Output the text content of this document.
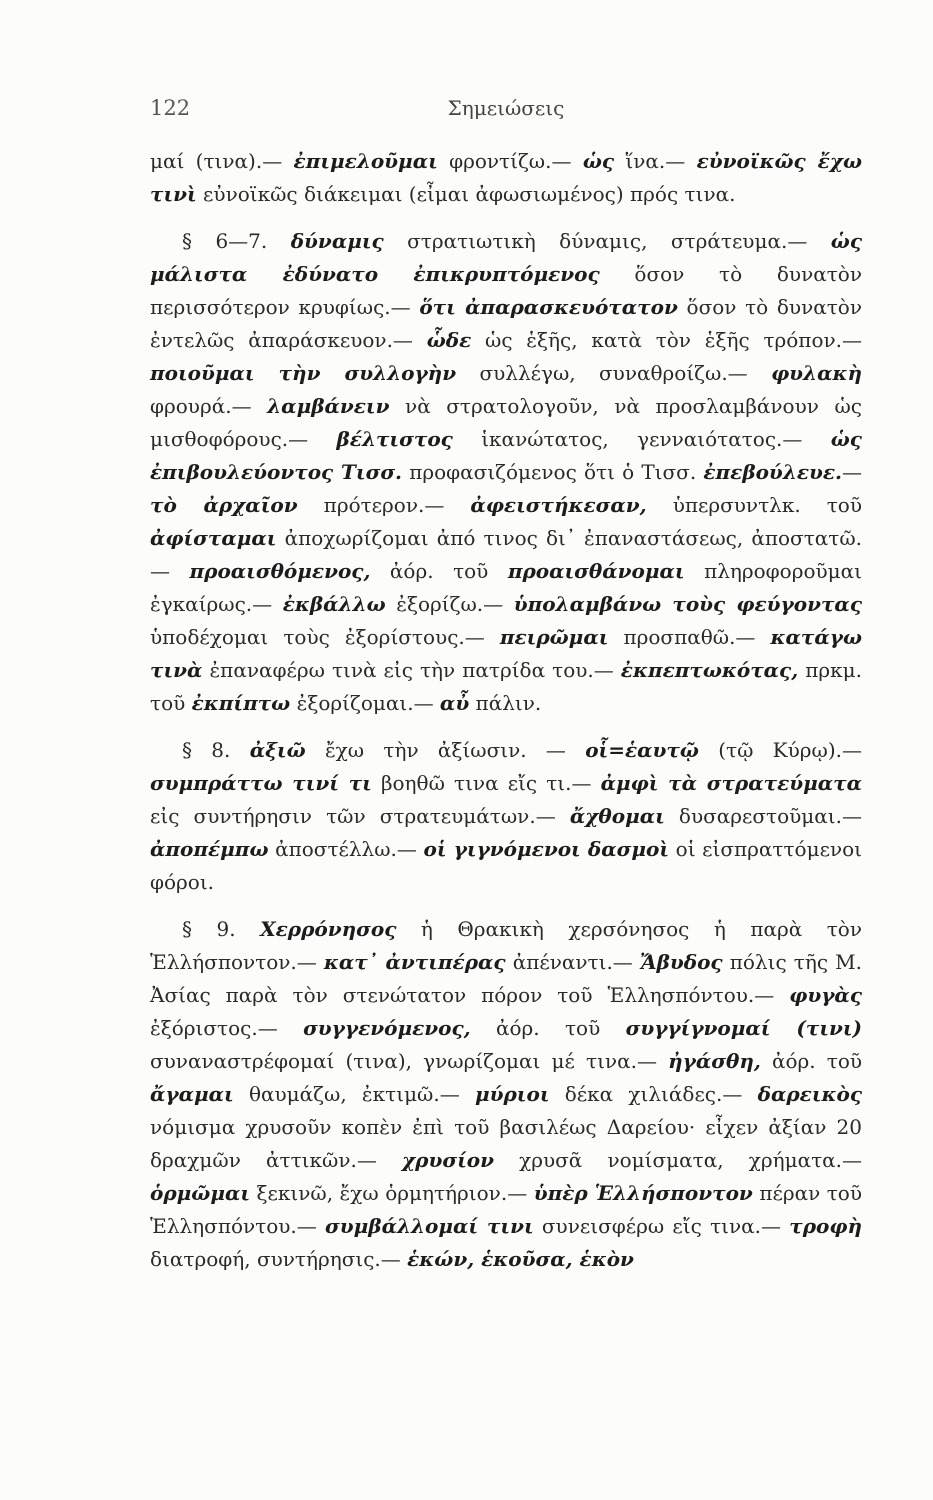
122	Σημειώσεις

μαί (τινα).— ἐπιμελοῦμαι φροντίζω.— ὡς ἵνα.— εὐνοϊκῶς ἔχω τινὶ εὐνοϊκῶς διάκειμαι (εἶμαι ἀφωσιωμένος) πρός τινα.

§ 6—7. δύναμις στρατιωτικὴ δύναμις, στράτευμα.— ὡς μάλιστα ἐδύνατο ἐπικρυπτόμενος ὅσον τὸ δυνατὸν περισσότερον κρυφίως.— ὅτι ἀπαρασκευότατον ὅσον τὸ δυνατὸν ἐντελῶς ἀπαράσκευον.— ὧδε ὡς ἑξῆς, κατὰ τὸν ἑξῆς τρόπον.— ποιοῦμαι τὴν συλλογὴν συλλέγω, συναθροίζω.— φυλακὴ φρουρά.— λαμβάνειν νὰ στρατολογοῦν, νὰ προσλαμβάνουν ὡς μισθοφόρους.— βέλτιστος ἱκανώτατος, γενναιότατος.— ὡς ἐπιβουλεύοντος Τισσ. προφασιζόμενος ὅτι ὁ Τισσ. ἐπεβούλευε.— τὸ ἀρχαῖον πρότερον.— ἀφειστήκεσαν, ὑπερσυντλκ. τοῦ ἀφίσταμαι ἀποχωρίζομαι ἀπό τινος δι᾽ ἐπαναστάσεως, ἀποστατῶ.— προαισθόμενος, ἀόρ. τοῦ προαισθάνομαι πληροφοροῦμαι ἐγκαίρως.— ἐκβάλλω ἐξορίζω.— ὑπολαμβάνω τοὺς φεύγοντας ὑποδέχομαι τοὺς ἐξορίστους.— πειρῶμαι προσπαθῶ.— κατάγω τινὰ ἐπαναφέρω τινὰ εἰς τὴν πατρίδα του.— ἐκπεπτωκότας, πρκμ. τοῦ ἐκπίπτω ἐξορίζομαι.— αὖ πάλιν.

§ 8. ἀξιῶ ἔχω τὴν ἀξίωσιν. — οἷ=ἑαυτῷ (τῷ Κύρῳ).— συμπράττω τινί τι βοηθῶ τινα εἴς τι.— ἀμφὶ τὰ στρατεύματα εἰς συντήρησιν τῶν στρατευμάτων.— ἄχθομαι δυσαρεστοῦμαι.— ἀποπέμπω ἀποστέλλω.— οἱ γιγνόμενοι δασμοὶ οἱ εἰσπραττόμενοι φόροι.

§ 9. Χερρόνησος ἡ Θρακικὴ χερσόνησος ἡ παρὰ τὸν Ἑλλήσποντον.— κατ᾽ ἀντιπέρας ἀπέναντι.— Ἄβυδος πόλις τῆς Μ. Ἀσίας παρὰ τὸν στενώτατον πόρον τοῦ Ἑλλησπόντου.— φυγὰς ἐξόριστος.— συγγενόμενος, ἀόρ. τοῦ συγγίγνομαί (τινι) συναναστρέφομαί (τινα), γνωρίζομαι μέ τινα.— ἠγάσθη, ἀόρ. τοῦ ἄγαμαι θαυμάζω, ἐκτιμῶ.— μύριοι δέκα χιλιάδες.— δαρεικὸς νόμισμα χρυσοῦν κοπὲν ἐπὶ τοῦ βασιλέως Δαρείου· εἶχεν ἀξίαν 20 δραχμῶν ἀττικῶν.— χρυσίον χρυσᾶ νομίσματα, χρήματα.— ὁρμῶμαι ξεκινῶ, ἔχω ὁρμητήριον.— ὑπὲρ Ἑλλήσποντον πέραν τοῦ Ἑλλησπόντου.— συμβάλλομαί τινι συνεισφέρω εἴς τινα.— τροφὴ διατροφή, συντήρησις.— ἑκών, ἑκοῦσα, ἑκὸν
